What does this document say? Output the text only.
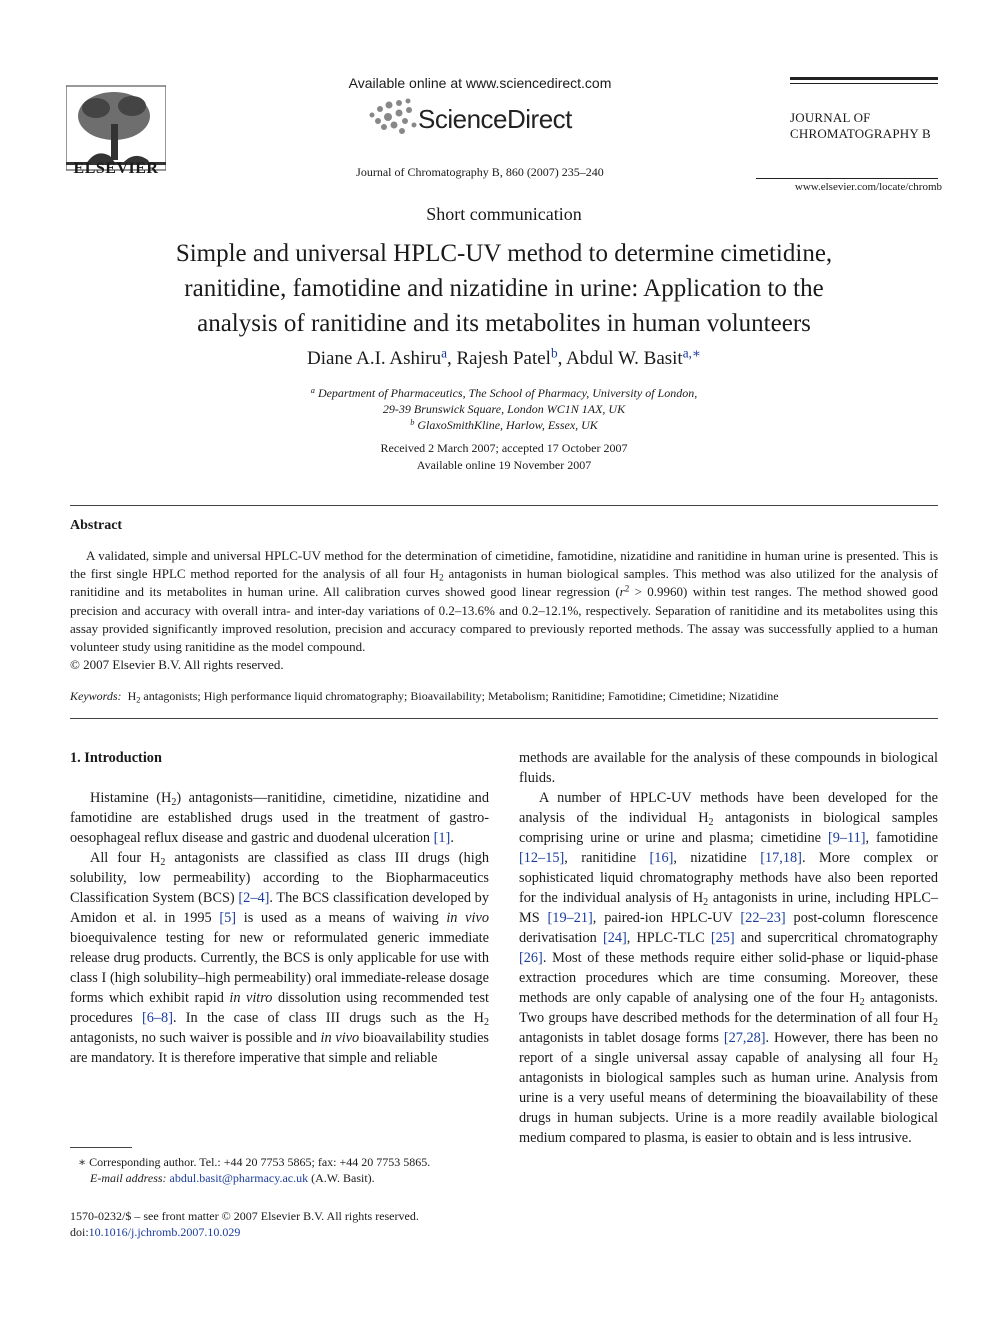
ELSEVIER
Available online at www.sciencedirect.com
ScienceDirect
Journal of Chromatography B, 860 (2007) 235–240
JOURNAL OF
CHROMATOGRAPHY B
www.elsevier.com/locate/chromb
Short communication
Simple and universal HPLC-UV method to determine cimetidine,
ranitidine, famotidine and nizatidine in urine: Application to the
analysis of ranitidine and its metabolites in human volunteers
Diane A.I. Ashiru$^a$, Rajesh Patel$^b$, Abdul W. Basit$^{a,∗}$
$^a$ Department of Pharmaceutics, The School of Pharmacy, University of London,
29-39 Brunswick Square, London WC1N 1AX, UK
$^b$ GlaxoSmithKline, Harlow, Essex, UK
Received 2 March 2007; accepted 17 October 2007
Available online 19 November 2007
Abstract

A validated, simple and universal HPLC-UV method for the determination of cimetidine, famotidine, nizatidine and ranitidine in human urine is presented. This is the first single HPLC method reported for the analysis of all four $H_2$ antagonists in human biological samples. This method was also utilized for the analysis of ranitidine and its metabolites in human urine. All calibration curves showed good linear regression $(r^2 > 0.9960)$ within test ranges. The method showed good precision and accuracy with overall intra- and inter-day variations of 0.2–13.6% and 0.2–12.1%, respectively. Separation of ranitidine and its metabolites using this assay provided significantly improved resolution, precision and accuracy compared to previously reported methods. The assay was successfully applied to a human volunteer study using ranitidine as the model compound.

© 2007 Elsevier B.V. All rights reserved.
Keywords: $H_2$ antagonists; High performance liquid chromatography; Bioavailability; Metabolism; Ranitidine; Famotidine; Cimetidine; Nizatidine

1. Introduction

Histamine $(H_2)$ antagonists—ranitidine, cimetidine, nizatidine and famotidine are established drugs used in the treatment of gastro-oesophageal reflux disease and gastric and duodenal ulceration [1].

All four $H_2$ antagonists are classified as class III drugs (high solubility, low permeability) according to the Biopharmaceutics Classification System (BCS) [2–4]. The BCS classification developed by Amidon et al. in 1995 [5] is used as a means of waiving in vivo bioequivalence testing for new or reformulated generic immediate release drug products. Currently, the BCS is only applicable for use with class I (high solubility–high permeability) oral immediate-release dosage forms which exhibit rapid in vitro dissolution using recommended test procedures [6–8]. In the case of class III drugs such as the $H_2$ antagonists, no such waiver is possible and in vivo bioavailability studies are mandatory. It is therefore imperative that simple and reliable

methods are available for the analysis of these compounds in biological fluids.

A number of HPLC-UV methods have been developed for the analysis of the individual $H_2$ antagonists in biological samples comprising urine or urine and plasma; cimetidine [9–11], famotidine [12–15], ranitidine [16], nizatidine [17,18]. More complex or sophisticated liquid chromatography methods have also been reported for the individual analysis of $H_2$ antagonists in urine, including HPLC–MS [19–21], paired-ion HPLC-UV [22–23] post-column florescence derivatisation [24], HPLC-TLC [25] and supercritical chromatography [26]. Most of these methods require either solid-phase or liquid-phase extraction procedures which are time consuming. Moreover, these methods are only capable of analysing one of the four $H_2$ antagonists. Two groups have described methods for the determination of all four $H_2$ antagonists in tablet dosage forms [27,28]. However, there has been no report of a single universal assay capable of analysing all four $H_2$ antagonists in biological samples such as human urine. Analysis from urine is a very useful means of determining the bioavailability of these drugs in human subjects. Urine is a more readily available biological medium compared to plasma, is easier to obtain and is less intrusive.

∗ Corresponding author. Tel.: +44 20 7753 5865; fax: +44 20 7753 5865.
E-mail address: abdul.basit@pharmacy.ac.uk (A.W. Basit).
1570-0232/$ – see front matter © 2007 Elsevier B.V. All rights reserved.
doi:10.1016/j.jchromb.2007.10.029
